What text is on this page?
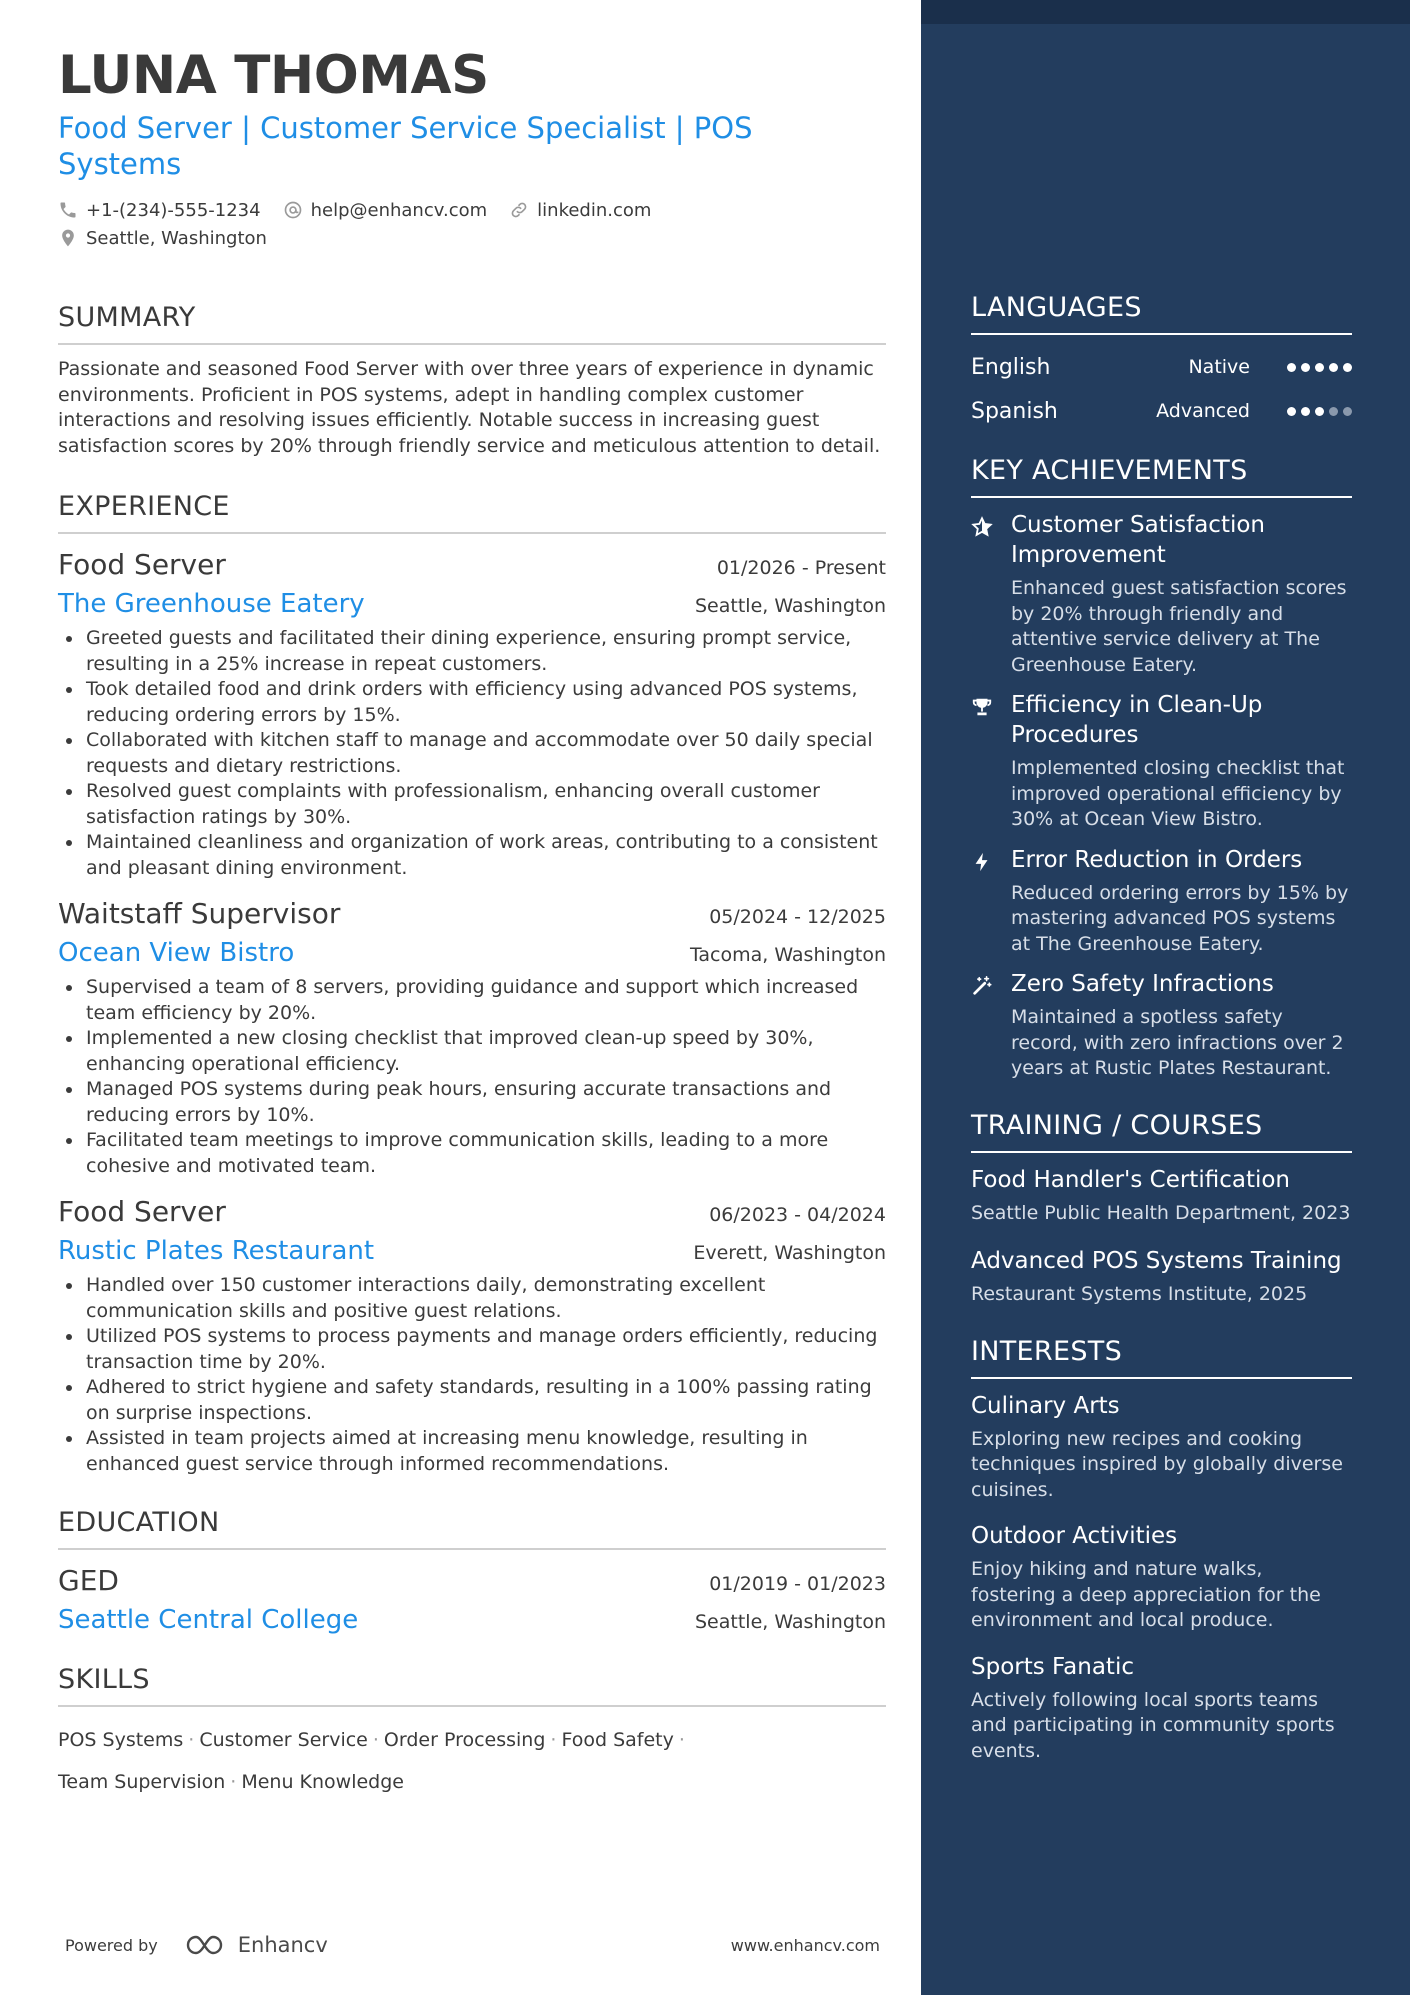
LUNA THOMAS
Food Server | Customer Service Specialist | POS Systems
+1-(234)-555-1234	help@enhancv.com	linkedin.com
Seattle, Washington
SUMMARY
Passionate and seasoned Food Server with over three years of experience in dynamic environments. Proficient in POS systems, adept in handling complex customer interactions and resolving issues efficiently. Notable success in increasing guest satisfaction scores by 20% through friendly service and meticulous attention to detail.
EXPERIENCE
Food Server	01/2026 - Present
The Greenhouse Eatery	Seattle, Washington
Greeted guests and facilitated their dining experience, ensuring prompt service, resulting in a 25% increase in repeat customers.
Took detailed food and drink orders with efficiency using advanced POS systems, reducing ordering errors by 15%.
Collaborated with kitchen staff to manage and accommodate over 50 daily special requests and dietary restrictions.
Resolved guest complaints with professionalism, enhancing overall customer satisfaction ratings by 30%.
Maintained cleanliness and organization of work areas, contributing to a consistent and pleasant dining environment.
Waitstaff Supervisor	05/2024 - 12/2025
Ocean View Bistro	Tacoma, Washington
Supervised a team of 8 servers, providing guidance and support which increased team efficiency by 20%.
Implemented a new closing checklist that improved clean-up speed by 30%, enhancing operational efficiency.
Managed POS systems during peak hours, ensuring accurate transactions and reducing errors by 10%.
Facilitated team meetings to improve communication skills, leading to a more cohesive and motivated team.
Food Server	06/2023 - 04/2024
Rustic Plates Restaurant	Everett, Washington
Handled over 150 customer interactions daily, demonstrating excellent communication skills and positive guest relations.
Utilized POS systems to process payments and manage orders efficiently, reducing transaction time by 20%.
Adhered to strict hygiene and safety standards, resulting in a 100% passing rating on surprise inspections.
Assisted in team projects aimed at increasing menu knowledge, resulting in enhanced guest service through informed recommendations.
EDUCATION
GED	01/2019 - 01/2023
Seattle Central College	Seattle, Washington
SKILLS
POS Systems · Customer Service · Order Processing · Food Safety ·
Team Supervision · Menu Knowledge
Powered by	Enhancv	www.enhancv.com
LANGUAGES
English	Native
Spanish	Advanced
KEY ACHIEVEMENTS
Customer Satisfaction Improvement
Enhanced guest satisfaction scores by 20% through friendly and attentive service delivery at The Greenhouse Eatery.
Efficiency in Clean-Up Procedures
Implemented closing checklist that improved operational efficiency by 30% at Ocean View Bistro.
Error Reduction in Orders
Reduced ordering errors by 15% by mastering advanced POS systems at The Greenhouse Eatery.
Zero Safety Infractions
Maintained a spotless safety record, with zero infractions over 2 years at Rustic Plates Restaurant.
TRAINING / COURSES
Food Handler's Certification
Seattle Public Health Department, 2023
Advanced POS Systems Training
Restaurant Systems Institute, 2025
INTERESTS
Culinary Arts
Exploring new recipes and cooking techniques inspired by globally diverse cuisines.
Outdoor Activities
Enjoy hiking and nature walks, fostering a deep appreciation for the environment and local produce.
Sports Fanatic
Actively following local sports teams and participating in community sports events.
